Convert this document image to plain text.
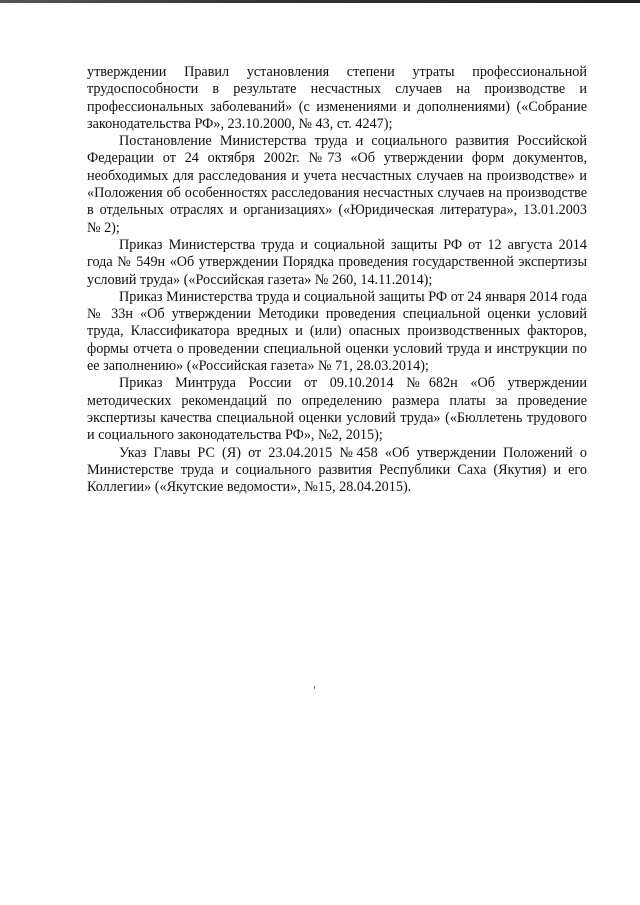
утверждении Правил установления степени утраты профессиональной трудоспособности в результате несчастных случаев на производстве и профессиональных заболеваний» (с изменениями и дополнениями) («Собрание законодательства РФ», 23.10.2000, № 43, ст. 4247);

Постановление Министерства труда и социального развития Российской Федерации от 24 октября 2002г. №73 «Об утверждении форм документов, необходимых для расследования и учета несчастных случаев на производстве» и «Положения об особенностях расследования несчастных случаев на производстве в отдельных отраслях и организациях» («Юридическая литература», 13.01.2003 № 2);

Приказ Министерства труда и социальной защиты РФ от 12 августа 2014 года № 549н «Об утверждении Порядка проведения государственной экспертизы условий труда» («Российская газета» № 260, 14.11.2014);

Приказ Министерства труда и социальной защиты РФ от 24 января 2014 года № 33н «Об утверждении Методики проведения специальной оценки условий труда, Классификатора вредных и (или) опасных производственных факторов, формы отчета о проведении специальной оценки условий труда и инструкции по ее заполнению» («Российская газета» № 71, 28.03.2014);

Приказ Минтруда России от 09.10.2014 №682н «Об утверждении методических рекомендаций по определению размера платы за проведение экспертизы качества специальной оценки условий труда» («Бюллетень трудового и социального законодательства РФ», №2, 2015);

Указ Главы РС (Я) от 23.04.2015 №458 «Об утверждении Положений о Министерстве труда и социального развития Республики Саха (Якутия) и его Коллегии» («Якутские ведомости», №15, 28.04.2015).
